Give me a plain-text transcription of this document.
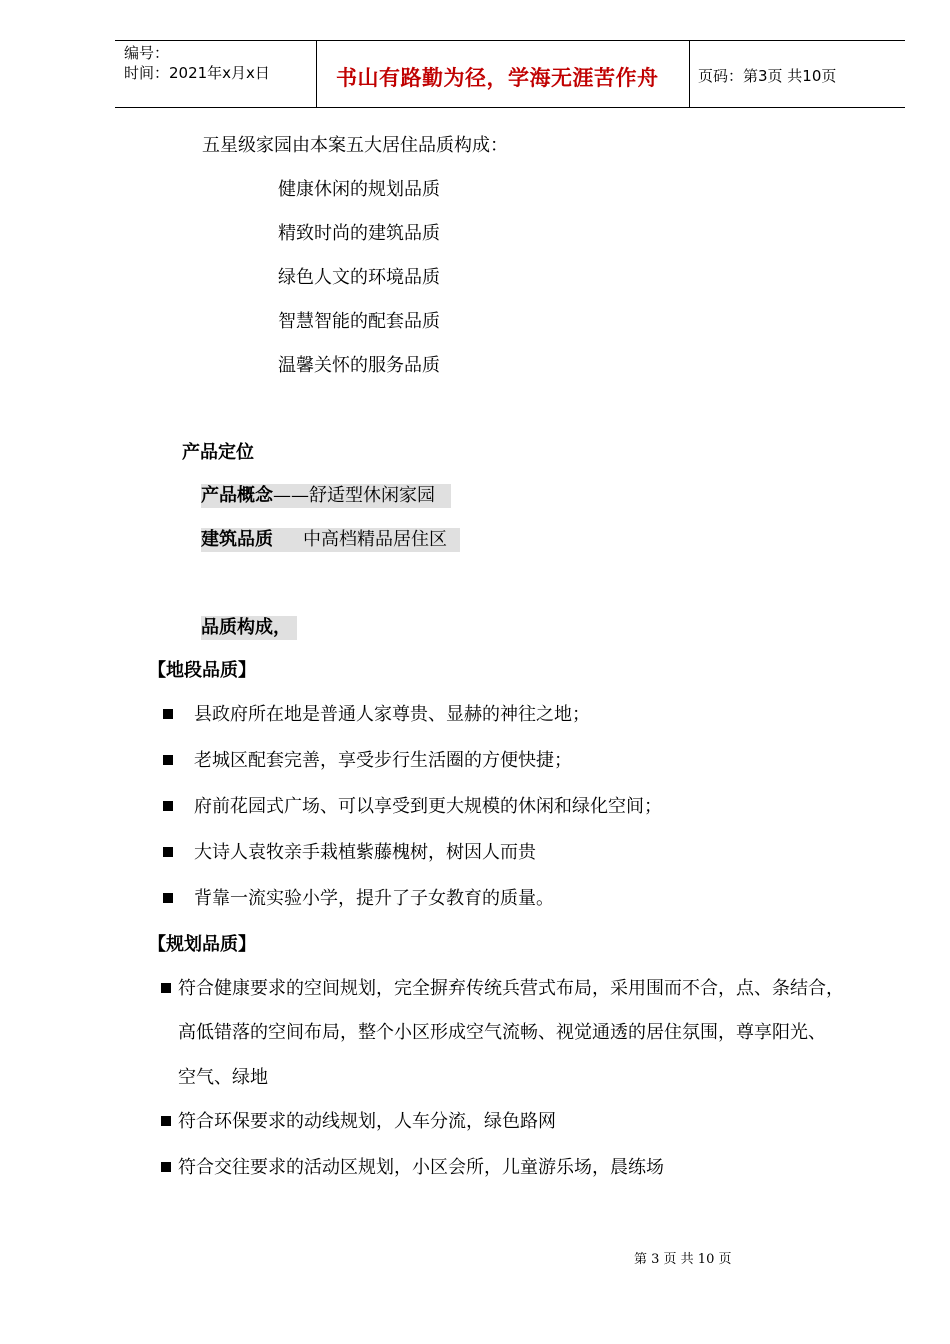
编号：
时间：2021年x月x日	书山有路勤为径，学海无涯苦作舟	页码：第3页 共10页
五星级家园由本案五大居住品质构成：
健康休闲的规划品质
精致时尚的建筑品质
绿色人文的环境品质
智慧智能的配套品质
温馨关怀的服务品质
产品定位
产品概念——舒适型休闲家园
建筑品质 中高档精品居住区
品质构成，
【地段品质】
县政府所在地是普通人家尊贵、显赫的神往之地；
老城区配套完善，享受步行生活圈的方便快捷；
府前花园式广场、可以享受到更大规模的休闲和绿化空间；
大诗人袁牧亲手栽植紫藤槐树，树因人而贵
背靠一流实验小学，提升了子女教育的质量。
【规划品质】
符合健康要求的空间规划，完全摒弃传统兵营式布局，采用围而不合，点、条结合，
高低错落的空间布局，整个小区形成空气流畅、视觉通透的居住氛围，尊享阳光、
空气、绿地
符合环保要求的动线规划，人车分流，绿色路网
符合交往要求的活动区规划，小区会所，儿童游乐场，晨练场
第 3 页 共 10 页
